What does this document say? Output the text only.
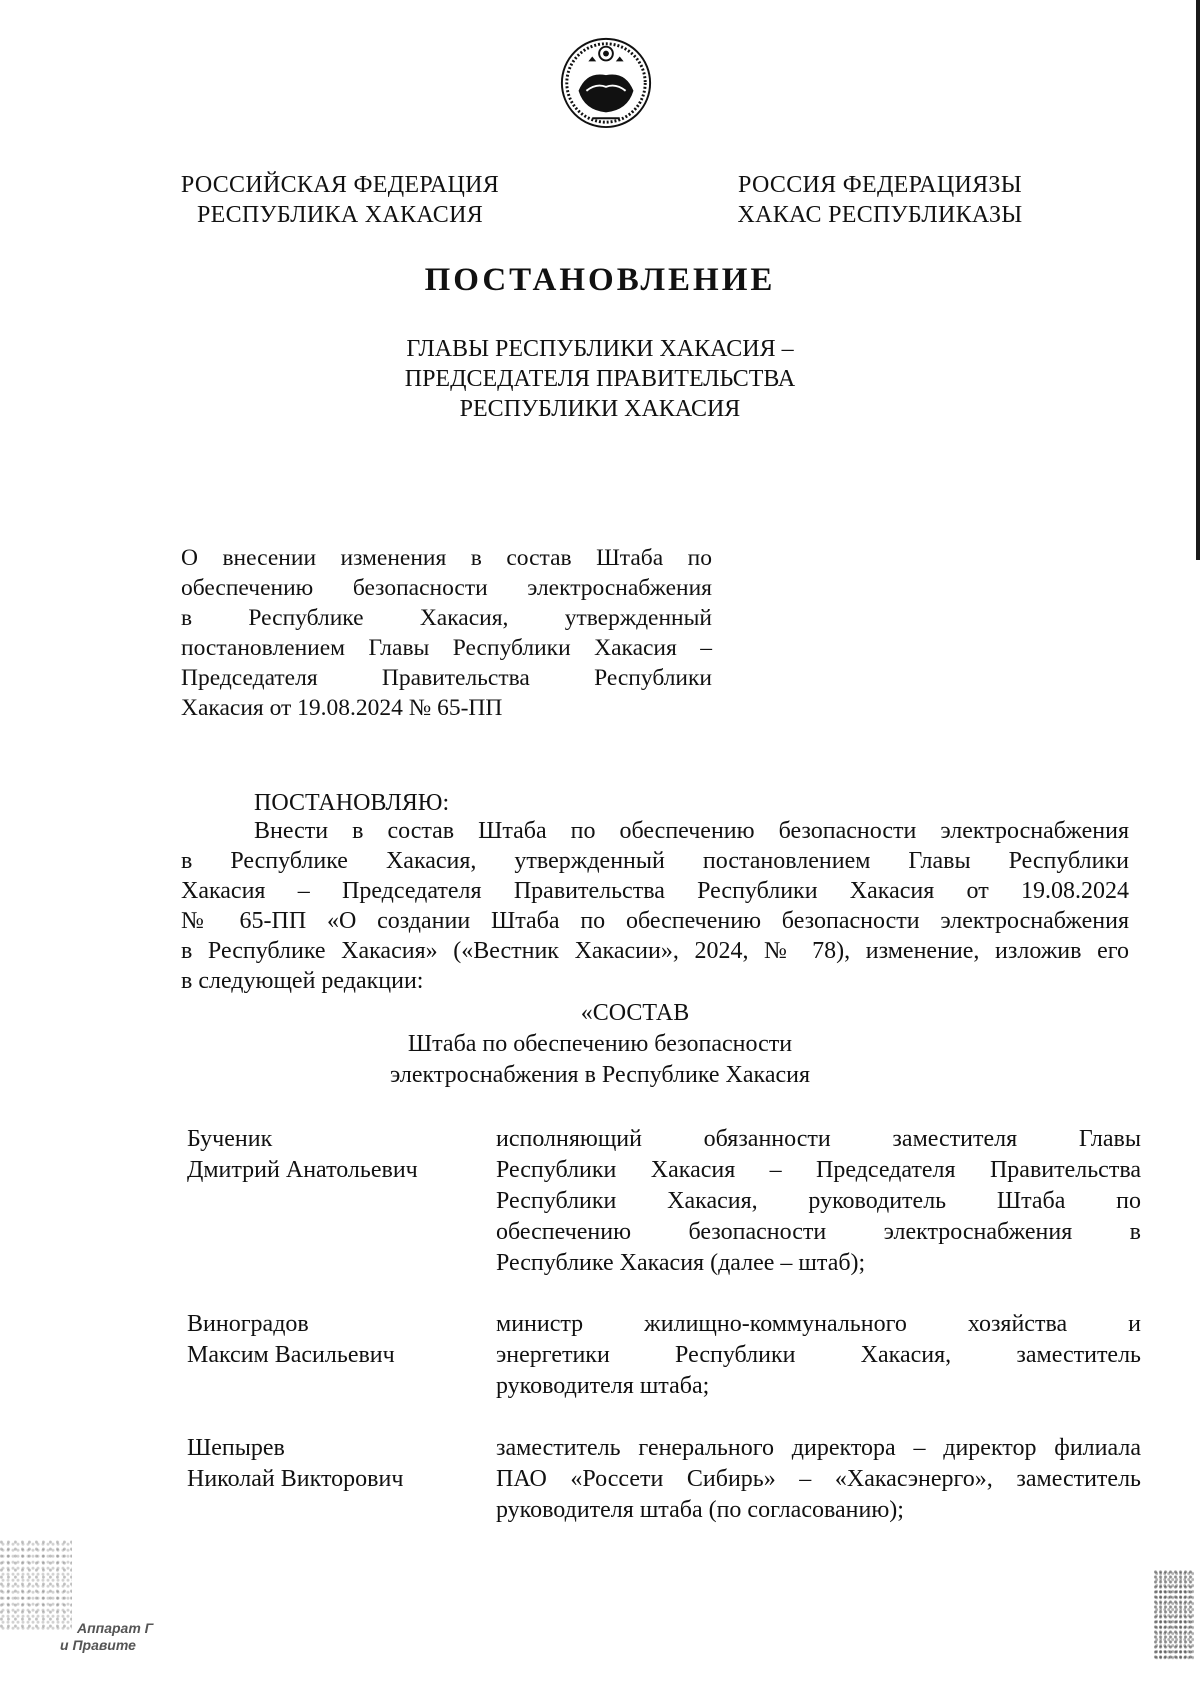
РОССИЙСКАЯ ФЕДЕРАЦИЯ
РЕСПУБЛИКА ХАКАСИЯ
РОССИЯ ФЕДЕРАЦИЯЗЫ
ХАКАС РЕСПУБЛИКАЗЫ
ПОСТАНОВЛЕНИЕ
ГЛАВЫ РЕСПУБЛИКИ ХАКАСИЯ –
ПРЕДСЕДАТЕЛЯ ПРАВИТЕЛЬСТВА
РЕСПУБЛИКИ ХАКАСИЯ
О внесении изменения в состав Штаба по
обеспечению безопасности электроснабжения
в Республике Хакасия, утвержденный
постановлением Главы Республики Хакасия –
Председателя Правительства Республики
Хакасия от 19.08.2024 № 65-ПП
ПОСТАНОВЛЯЮ:
Внести в состав Штаба по обеспечению безопасности электроснабжения
в Республике Хакасия, утвержденный постановлением Главы Республики
Хакасия – Председателя Правительства Республики Хакасия от 19.08.2024
№ 65-ПП «О создании Штаба по обеспечению безопасности электроснабжения
в Республике Хакасия» («Вестник Хакасии», 2024, № 78), изменение, изложив его
в следующей редакции:
«СОСТАВ
Штаба по обеспечению безопасности
электроснабжения в Республике Хакасия
Бученик
Дмитрий Анатольевич
исполняющий обязанности заместителя Главы
Республики Хакасия – Председателя Правительства
Республики Хакасия, руководитель Штаба по
обеспечению безопасности электроснабжения в
Республике Хакасия (далее – штаб);
Виноградов
Максим Васильевич
министр жилищно-коммунального хозяйства и
энергетики Республики Хакасия, заместитель
руководителя штаба;
Шепырев
Николай Викторович
заместитель генерального директора – директор филиала
ПАО «Россети Сибирь» – «Хакасэнерго», заместитель
руководителя штаба (по согласованию);
Аппарат Г
и Правите
